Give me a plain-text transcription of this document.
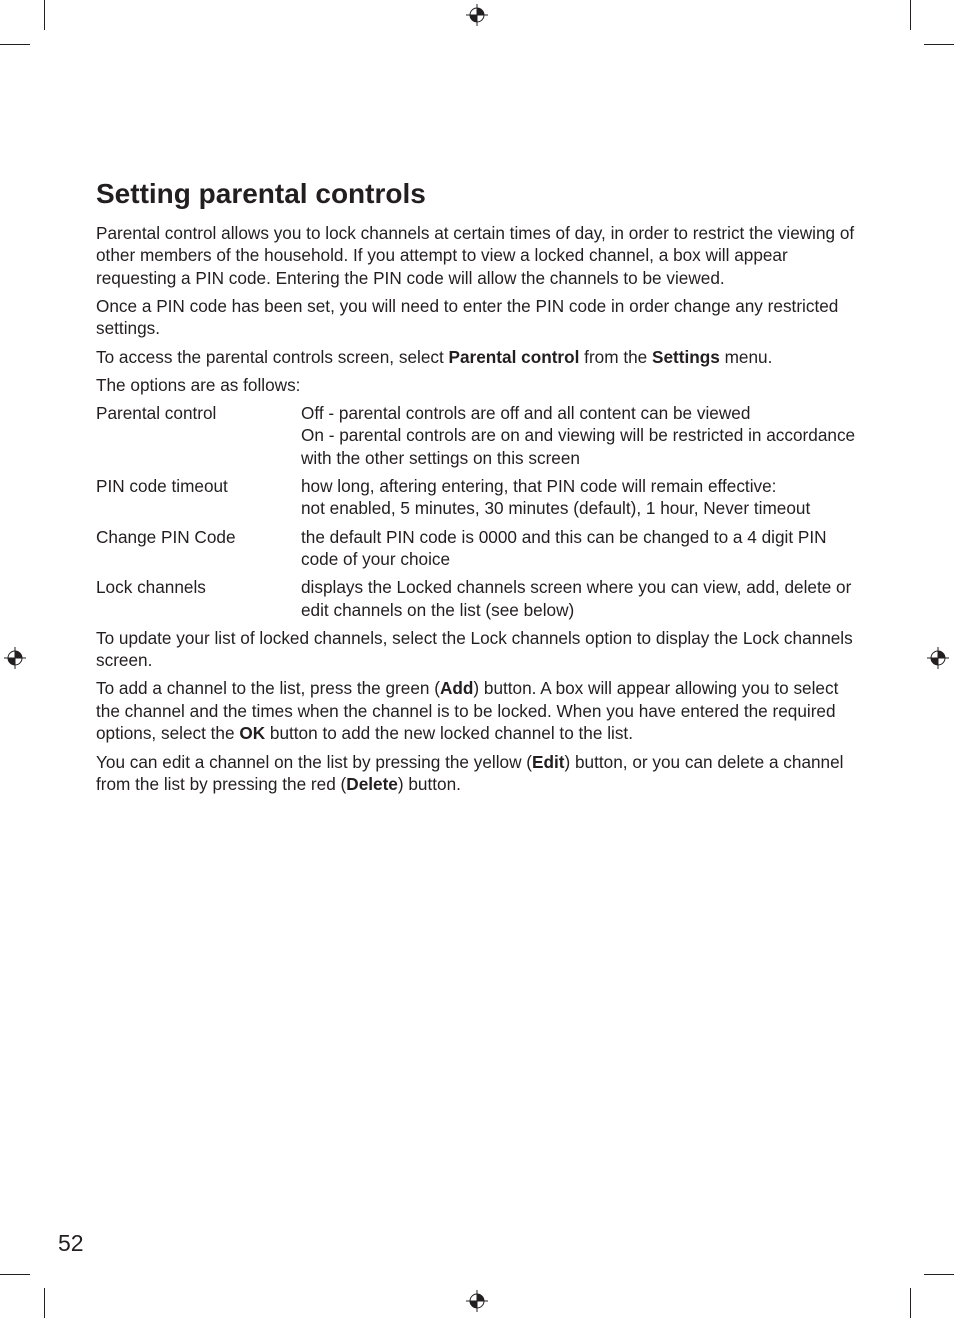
Setting parental controls

Parental control allows you to lock channels at certain times of day, in order to restrict the viewing of other members of the household. If you attempt to view a locked channel, a box will appear requesting a PIN code. Entering the PIN code will allow the channels to be viewed.

Once a PIN code has been set, you will need to enter the PIN code in order change any restricted settings.

To access the parental controls screen, select Parental control from the Settings menu.

The options are as follows:

Parental control	Off - parental controls are off and all content can be viewed
On - parental controls are on and viewing will be restricted in accordance with the other settings on this screen
PIN code timeout	how long, aftering entering, that PIN code will remain effective:
not enabled, 5 minutes, 30 minutes (default), 1 hour, Never timeout
Change PIN Code	the default PIN code is 0000 and this can be changed to a 4 digit PIN code of your choice
Lock channels	displays the Locked channels screen where you can view, add, delete or edit channels on the list (see below)

To update your list of locked channels, select the Lock channels option to display the Lock channels screen.

To add a channel to the list, press the green (Add) button. A box will appear allowing you to select the channel and the times when the channel is to be locked. When you have entered the required options, select the OK button to add the new locked channel to the list.

You can edit a channel on the list by pressing the yellow (Edit) button, or you can delete a channel from the list by pressing the red (Delete) button.

52
